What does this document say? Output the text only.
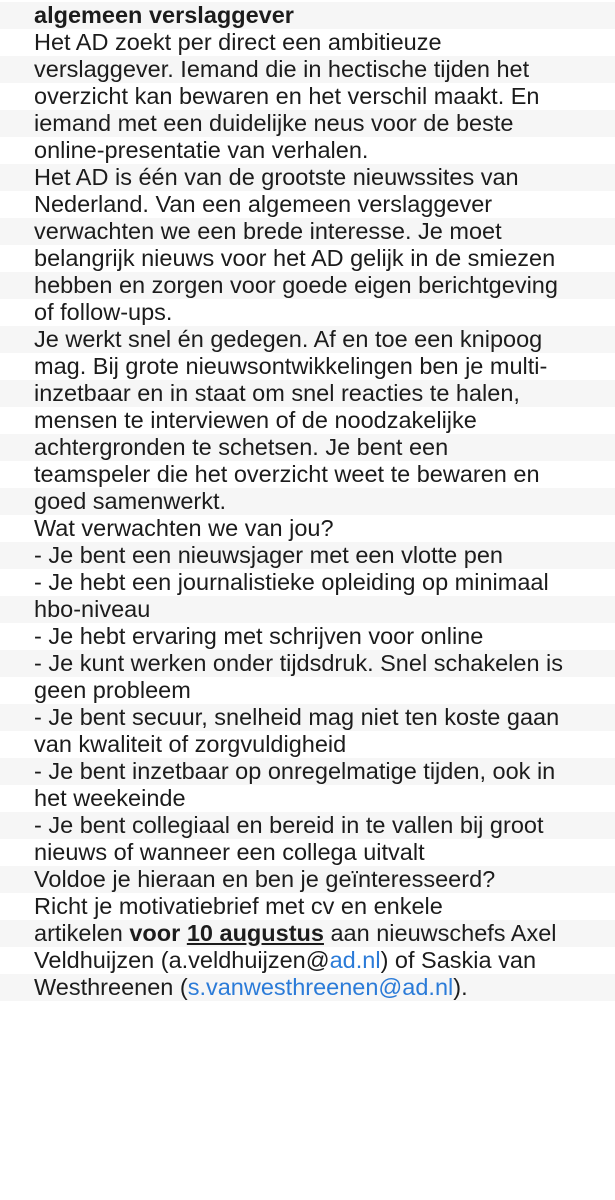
algemeen verslaggever
Het AD zoekt per direct een ambitieuze
verslaggever. Iemand die in hectische tijden het
overzicht kan bewaren en het verschil maakt. En
iemand met een duidelijke neus voor de beste
online-presentatie van verhalen.
Het AD is één van de grootste nieuwssites van
Nederland. Van een algemeen verslaggever
verwachten we een brede interesse. Je moet
belangrijk nieuws voor het AD gelijk in de smiezen
hebben en zorgen voor goede eigen berichtgeving
of follow-ups.
Je werkt snel én gedegen. Af en toe een knipoog
mag. Bij grote nieuwsontwikkelingen ben je multi-
inzetbaar en in staat om snel reacties te halen,
mensen te interviewen of de noodzakelijke
achtergronden te schetsen. Je bent een
teamspeler die het overzicht weet te bewaren en
goed samenwerkt.
Wat verwachten we van jou?
- Je bent een nieuwsjager met een vlotte pen
- Je hebt een journalistieke opleiding op minimaal
hbo-niveau
- Je hebt ervaring met schrijven voor online
- Je kunt werken onder tijdsdruk. Snel schakelen is
geen probleem
- Je bent secuur, snelheid mag niet ten koste gaan
van kwaliteit of zorgvuldigheid
- Je bent inzetbaar op onregelmatige tijden, ook in
het weekeinde
- Je bent collegiaal en bereid in te vallen bij groot
nieuws of wanneer een collega uitvalt
Voldoe je hieraan en ben je geïnteresseerd?
Richt je motivatiebrief met cv en enkele
artikelen voor 10 augustus aan nieuwschefs Axel
Veldhuijzen (a.veldhuijzen@ad.nl) of Saskia van
Westhreenen (s.vanwesthreenen@ad.nl).
